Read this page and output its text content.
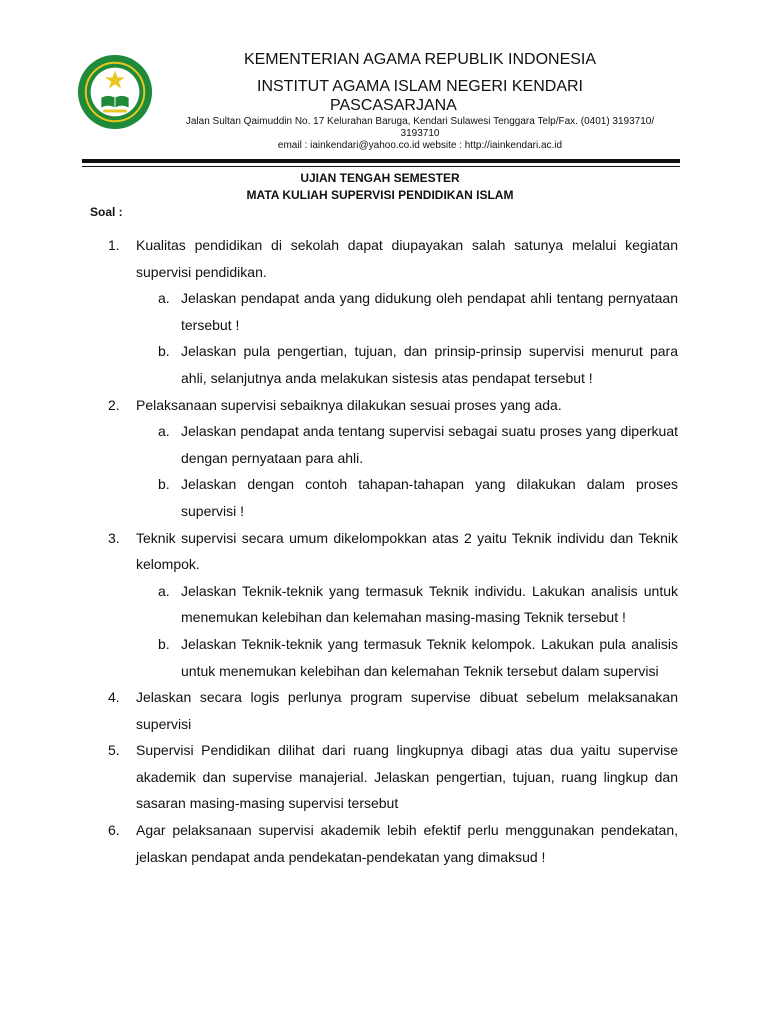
KEMENTERIAN AGAMA REPUBLIK INDONESIA
INSTITUT AGAMA ISLAM NEGERI KENDARI
PASCASARJANA
Jalan Sultan Qaimuddin No. 17 Kelurahan Baruga, Kendari Sulawesi Tenggara Telp/Fax. (0401) 3193710/ 3193710
email : iainkendari@yahoo.co.id website : http://iainkendari.ac.id
UJIAN TENGAH SEMESTER
MATA KULIAH SUPERVISI PENDIDIKAN ISLAM
Soal :
1.	Kualitas pendidikan di sekolah dapat diupayakan salah satunya melalui kegiatan supervisi pendidikan.
a. Jelaskan pendapat anda yang didukung oleh pendapat ahli tentang pernyataan tersebut !
b. Jelaskan pula pengertian, tujuan, dan prinsip-prinsip supervisi menurut para ahli, selanjutnya anda melakukan sistesis atas pendapat tersebut !
2.	Pelaksanaan supervisi sebaiknya dilakukan sesuai proses yang ada.
a. Jelaskan pendapat anda tentang supervisi sebagai suatu proses yang diperkuat dengan pernyataan para ahli.
b. Jelaskan dengan contoh tahapan-tahapan yang dilakukan dalam proses supervisi !
3.	Teknik supervisi secara umum dikelompokkan atas 2 yaitu Teknik individu dan Teknik kelompok.
a. Jelaskan Teknik-teknik yang termasuk Teknik individu. Lakukan analisis untuk menemukan kelebihan dan kelemahan masing-masing Teknik tersebut !
b. Jelaskan Teknik-teknik yang termasuk Teknik kelompok. Lakukan pula analisis untuk menemukan kelebihan dan kelemahan Teknik tersebut dalam supervisi
4.	Jelaskan secara logis perlunya program supervise dibuat sebelum melaksanakan supervisi
5.	Supervisi Pendidikan dilihat dari ruang lingkupnya dibagi atas dua yaitu supervise akademik dan supervise manajerial. Jelaskan pengertian, tujuan, ruang lingkup dan sasaran masing-masing supervisi tersebut
6.	Agar pelaksanaan supervisi akademik lebih efektif perlu menggunakan pendekatan, jelaskan pendapat anda pendekatan-pendekatan yang dimaksud !
